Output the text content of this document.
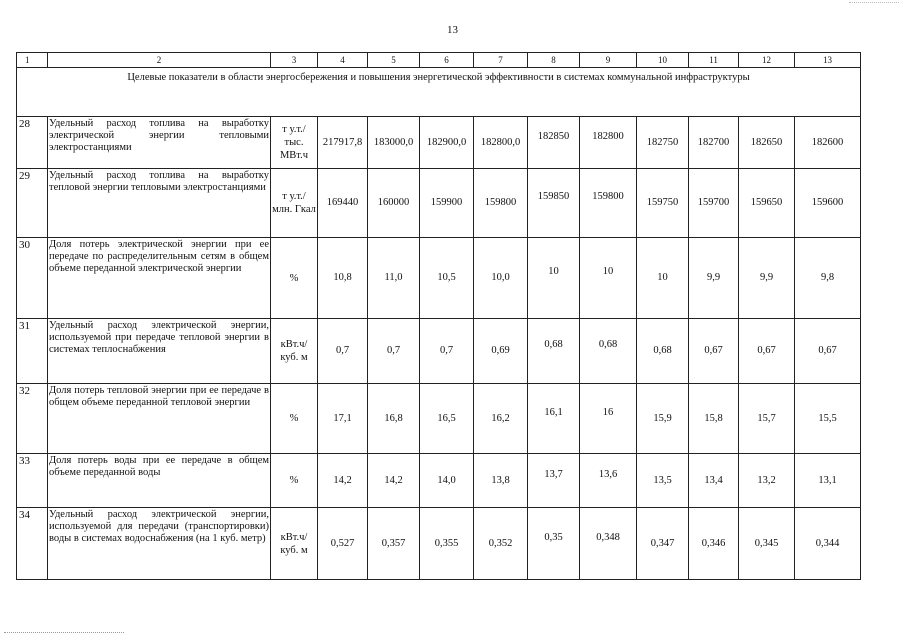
13
1	2	3	4	5	6	7	8	9	10	11	12	13
Целевые показатели в области энергосбережения и повышения энергетической эффективности в системах коммунальной инфраструктуры												
28	Удельный расход топлива на выработку электрической энергии тепловыми электростанциями	т у.т./ тыс. МВт.ч	217917,8	183000,0	182900,0	182800,0	182850	182800	182750	182700	182650	182600
29	Удельный расход топлива на выработку тепловой энергии тепловыми электростанциями	т у.т./ млн. Гкал	169440	160000	159900	159800	159850	159800	159750	159700	159650	159600
30	Доля потерь электрической энергии при ее передаче по распределительным сетям в общем объеме переданной электрической энергии	%	10,8	11,0	10,5	10,0	10	10	10	9,9	9,9	9,8
31	Удельный расход электрической энергии, используемой при передаче тепловой энергии в системах теплоснабжения	кВт.ч/ куб. м	0,7	0,7	0,7	0,69	0,68	0,68	0,68	0,67	0,67	0,67
32	Доля потерь тепловой энергии при ее передаче в общем объеме переданной тепловой энергии	%	17,1	16,8	16,5	16,2	16,1	16	15,9	15,8	15,7	15,5
33	Доля потерь воды при ее передаче в общем объеме переданной воды	%	14,2	14,2	14,0	13,8	13,7	13,6	13,5	13,4	13,2	13,1
34	Удельный расход электрической энергии, используемой для передачи (транспортировки) воды в системах водоснабжения (на 1 куб. метр)	кВт.ч/ куб. м	0,527	0,357	0,355	0,352	0,35	0,348	0,347	0,346	0,345	0,344
